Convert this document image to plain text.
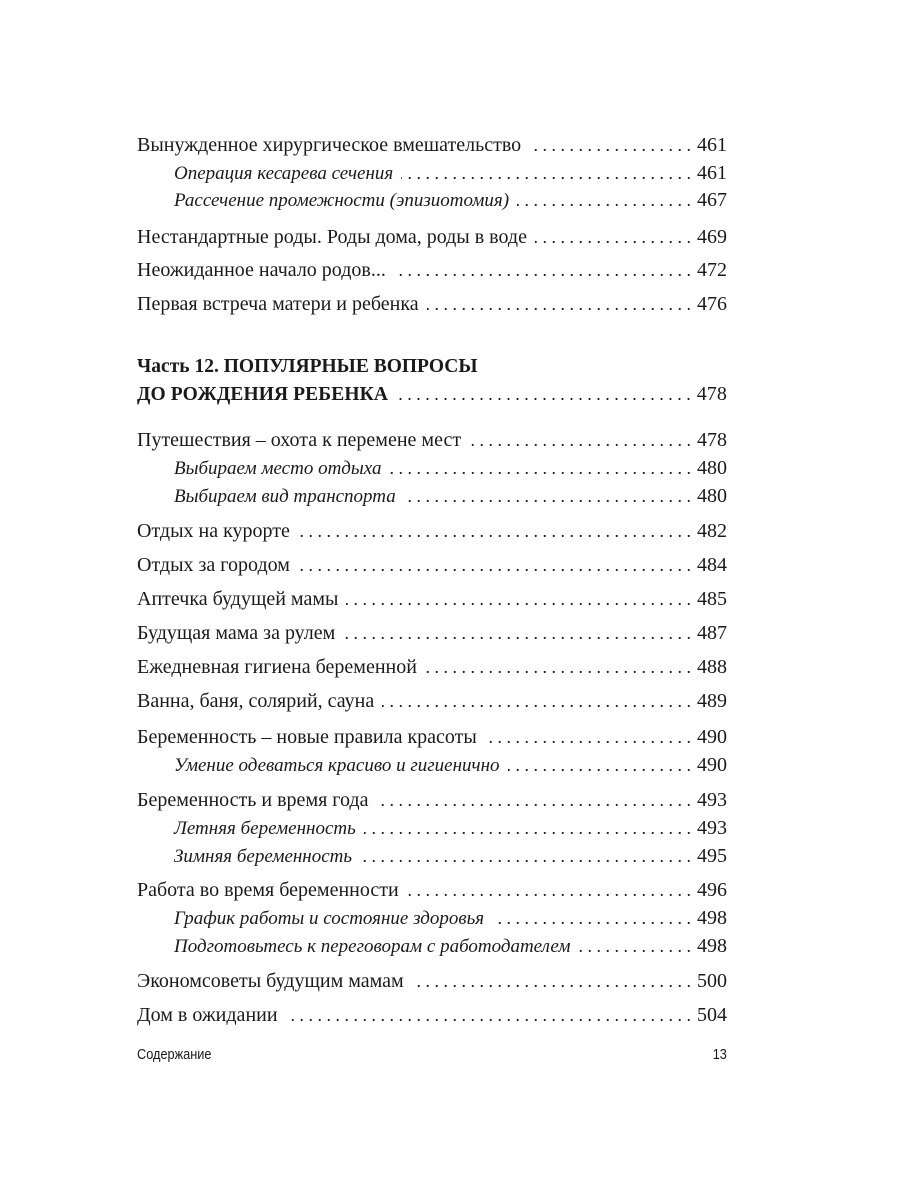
Вынужденное хирургическое вмешательство . . .	461
Операция кесарева сечения . . .	461
Рассечение промежности (эпизиотомия) . . .	467
Нестандартные роды. Роды дома, роды в воде . . .	469
Неожиданное начало родов... . . .	472
Первая встреча матери и ребенка . . .	476
Часть 12. ПОПУЛЯРНЫЕ ВОПРОСЫ
ДО РОЖДЕНИЯ РЕБЕНКА . . .	478
Путешествия – охота к перемене мест . . .	478
Выбираем место отдыха . . .	480
Выбираем вид транспорта . . .	480
Отдых на курорте . . .	482
Отдых за городом . . .	484
Аптечка будущей мамы . . .	485
Будущая мама за рулем . . .	487
Ежедневная гигиена беременной . . .	488
Ванна, баня, солярий, сауна . . .	489
Беременность – новые правила красоты . . .	490
Умение одеваться красиво и гигиенично . . .	490
Беременность и время года . . .	493
Летняя беременность . . .	493
Зимняя беременность . . .	495
Работа во время беременности . . .	496
График работы и состояние здоровья . . .	498
Подготовьтесь к переговорам с работодателем . . .	498
Экономсоветы будущим мамам . . .	500
Дом в ожидании . . .	504
Содержание	13
